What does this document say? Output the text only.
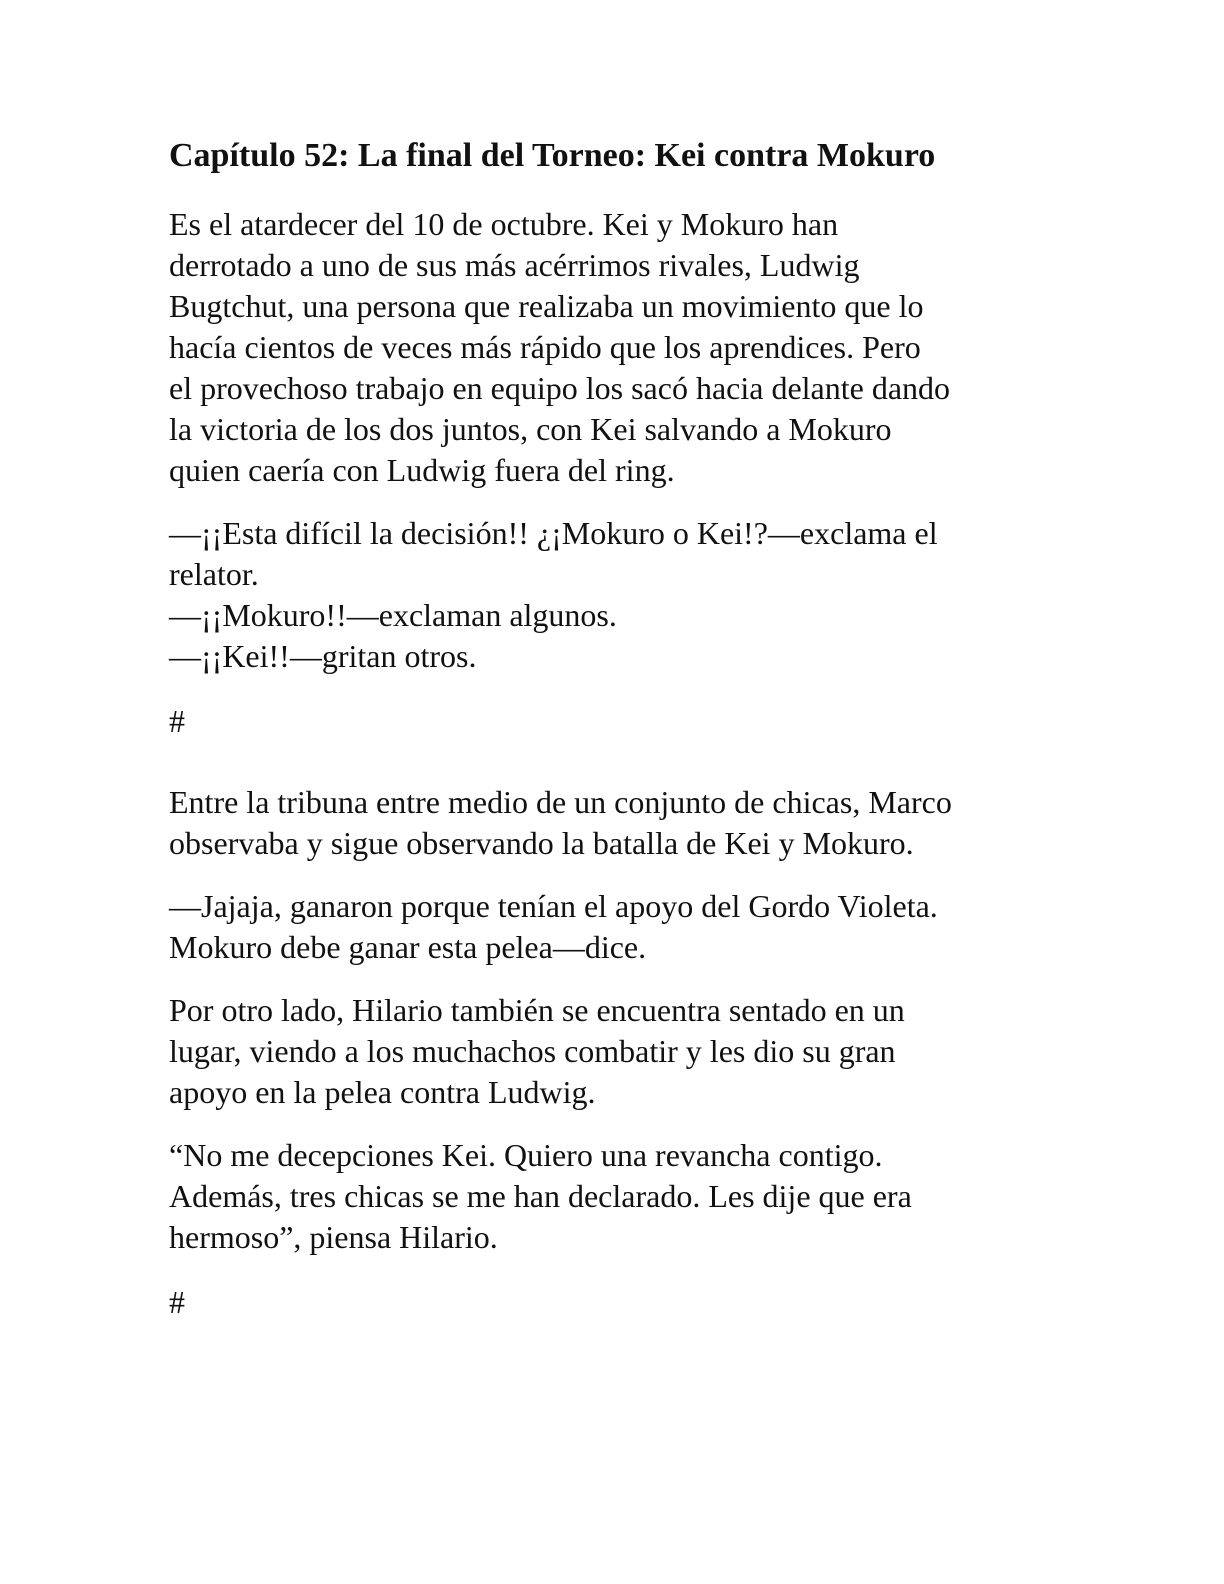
Capítulo 52: La final del Torneo: Kei contra Mokuro

Es el atardecer del 10 de octubre. Kei y Mokuro han
derrotado a uno de sus más acérrimos rivales, Ludwig
Bugtchut, una persona que realizaba un movimiento que lo
hacía cientos de veces más rápido que los aprendices. Pero
el provechoso trabajo en equipo los sacó hacia delante dando
la victoria de los dos juntos, con Kei salvando a Mokuro
quien caería con Ludwig fuera del ring.

—¡¡Esta difícil la decisión!! ¿¡Mokuro o Kei!?—exclama el
relator.
—¡¡Mokuro!!—exclaman algunos.
—¡¡Kei!!—gritan otros.
#

Entre la tribuna entre medio de un conjunto de chicas, Marco
observaba y sigue observando la batalla de Kei y Mokuro.

—Jajaja, ganaron porque tenían el apoyo del Gordo Violeta.
Mokuro debe ganar esta pelea—dice.

Por otro lado, Hilario también se encuentra sentado en un
lugar, viendo a los muchachos combatir y les dio su gran
apoyo en la pelea contra Ludwig.

“No me decepciones Kei. Quiero una revancha contigo.
Además, tres chicas se me han declarado. Les dije que era
hermoso”, piensa Hilario.

#
